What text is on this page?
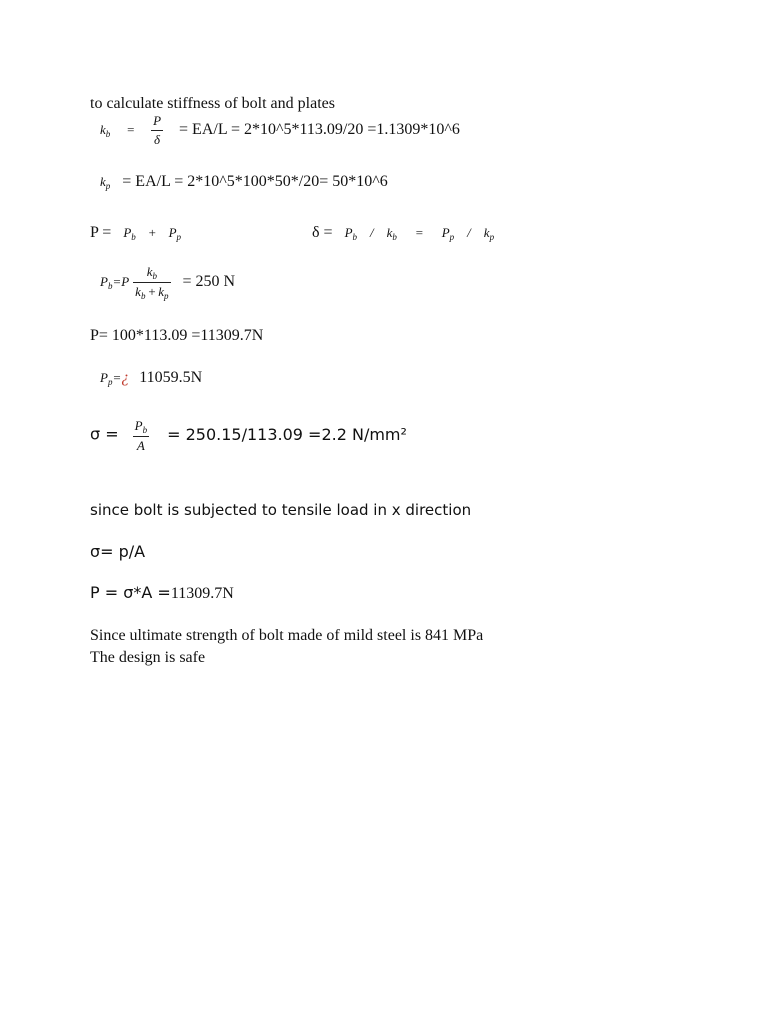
to calculate stiffness of bolt and plates
$k_b = \frac{P}{\delta} = EA/L$ = 2*10^5*113.09/20 =1.1309*10^6
$k_p = EA/L$ = 2*10^5*100*50*/20= 50*10^6
$P = P_b + P_p$	$\delta = P_b / k_b = P_p / k_p$
$P_b=P \frac{k_b}{k_b + k_p} = 250$ N
P= 100*113.09 =11309.7N
$P_p=¿$ 11059.5N
$\sigma = \frac{P_b}{A} = 250.15/113.09 =2.2$ N/mm²
since bolt is subjected to tensile load in x direction
σ= p/A
P = σ*A =11309.7N
Since ultimate strength of bolt made of mild steel is 841 MPa
The design is safe
